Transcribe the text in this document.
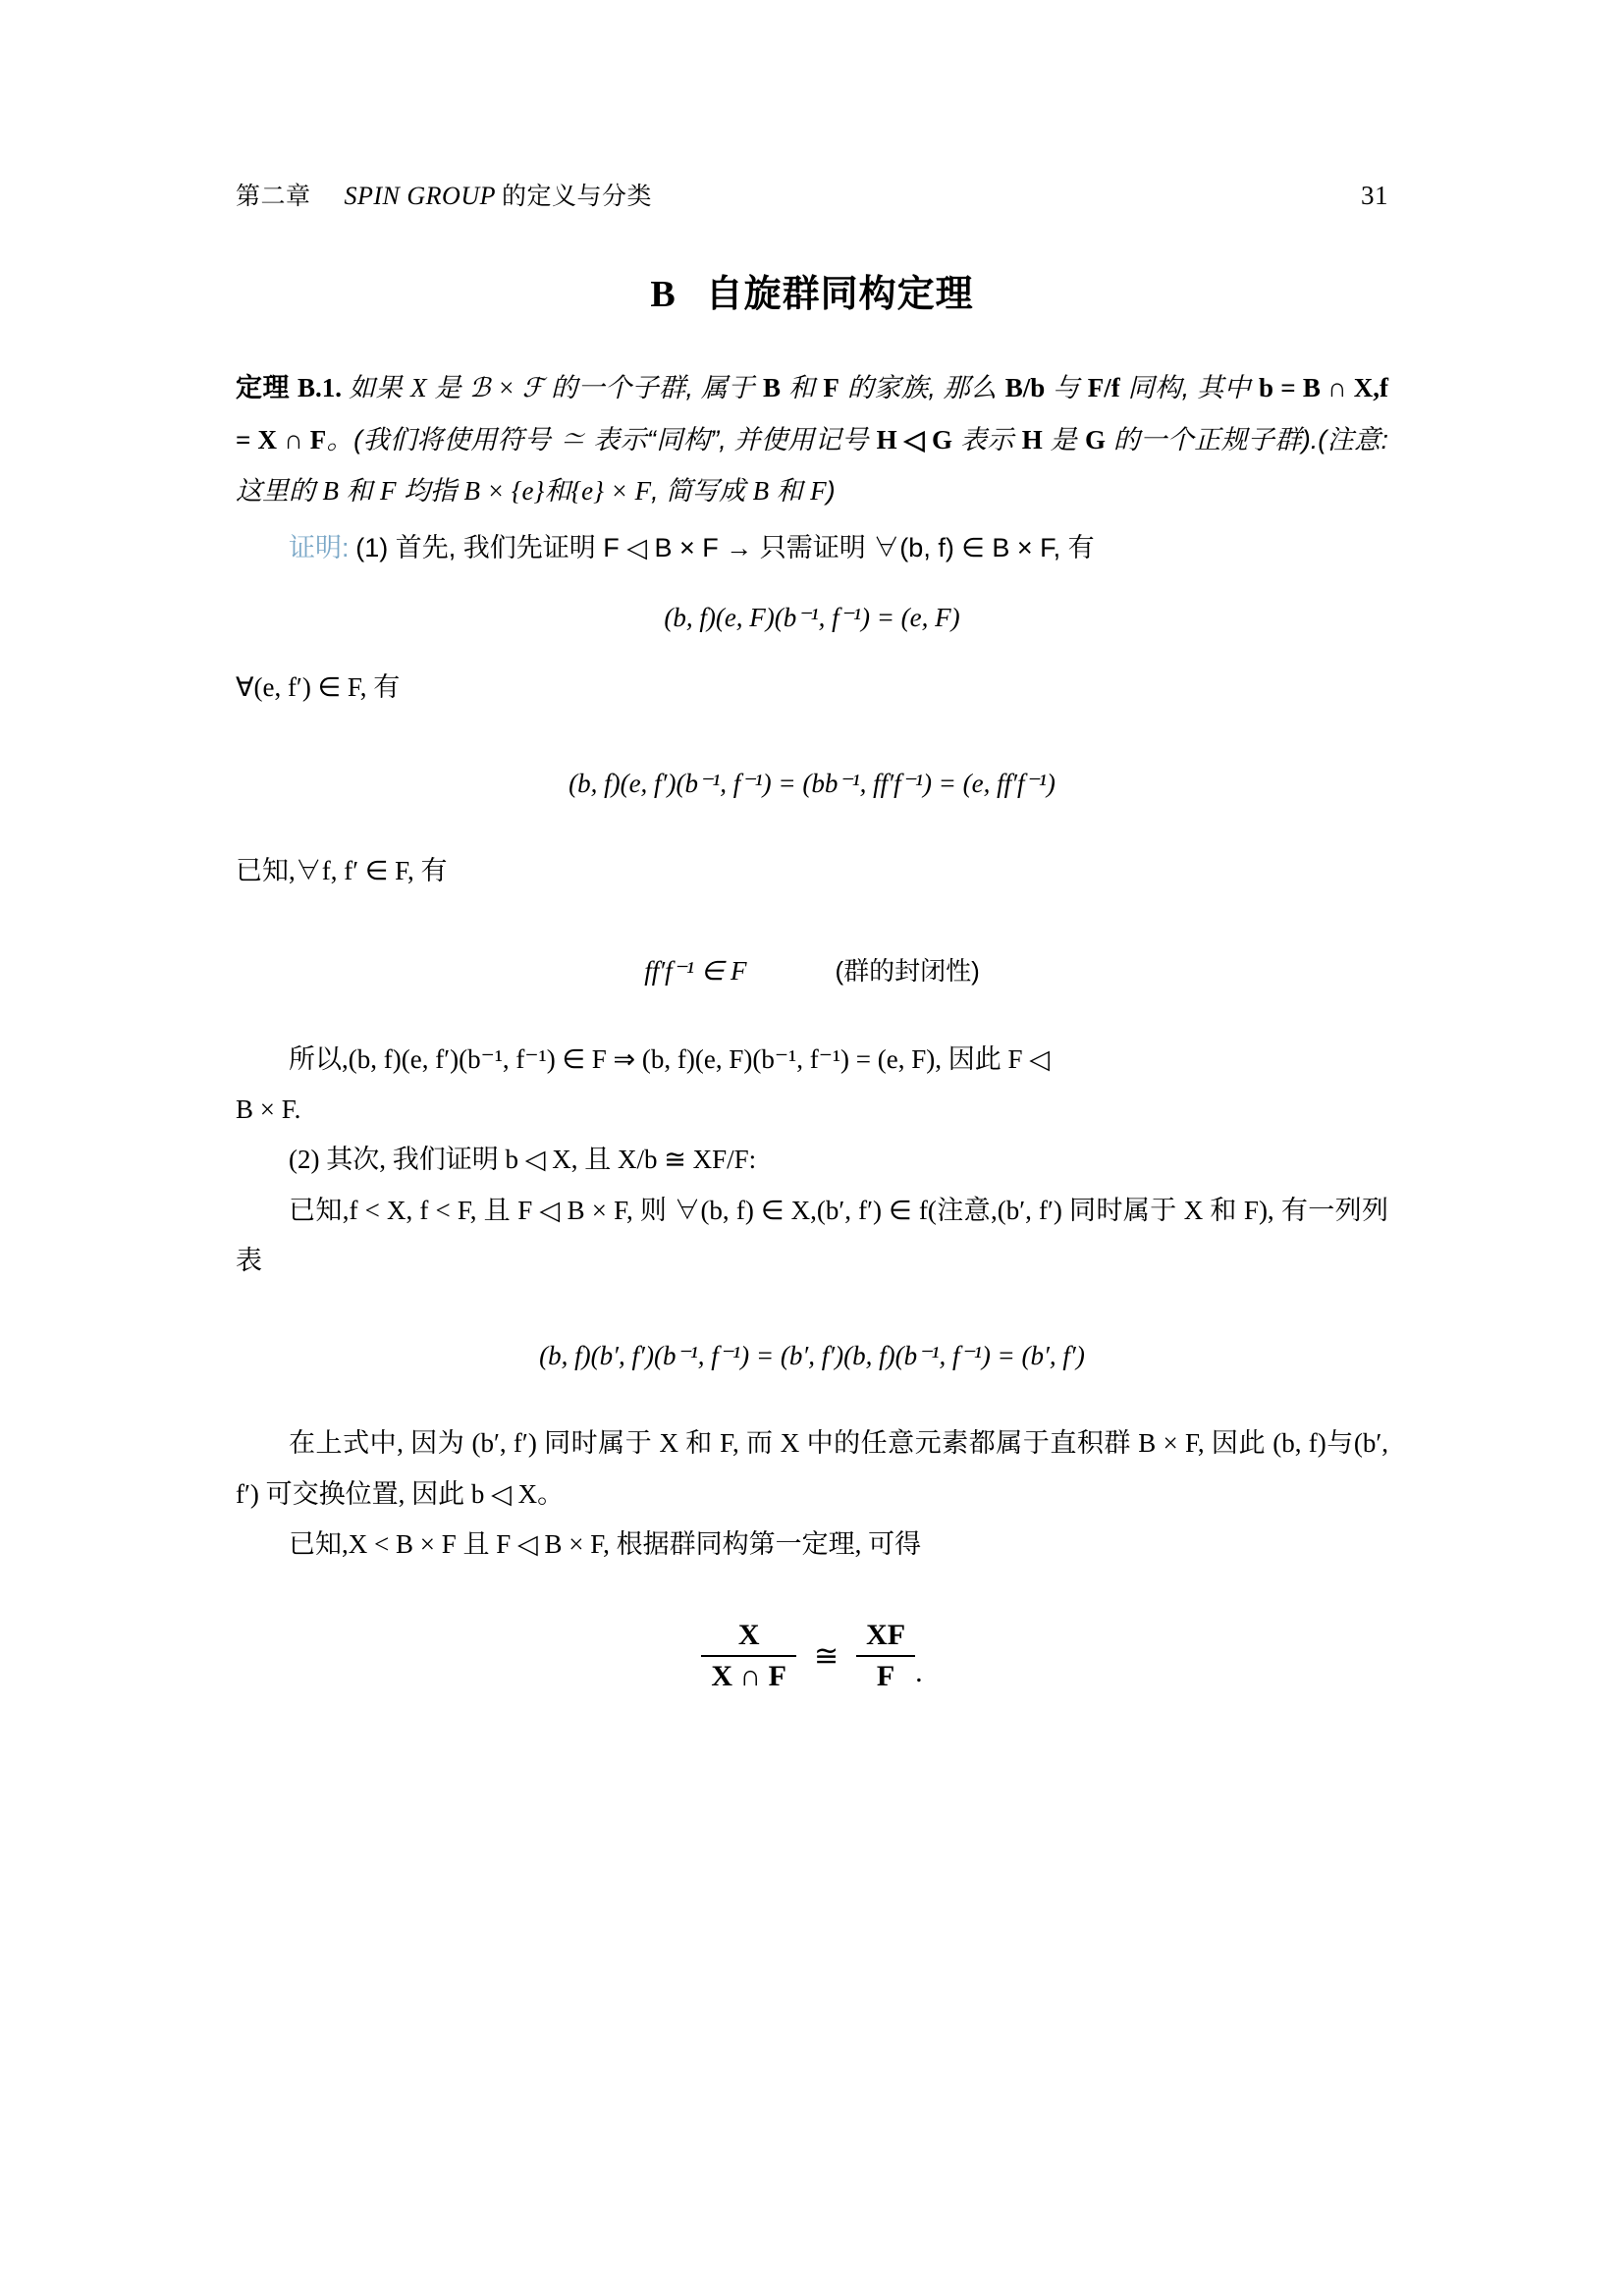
第二章 SPIN GROUP 的定义与分类	31
B 自旋群同构定理
定理 B.1. 如果 X 是 ℬ × ℱ 的一个子群, 属于 B 和 F 的家族, 那么 B/b 与 F/f 同构, 其中 b = B ∩ X,f = X ∩ F。(我们将使用符号 ≃ 表示“同构”, 并使用记号 H ◁ G 表示 H 是 G 的一个正规子群).(注意: 这里的 B 和 F 均指 B × {e}和{e} × F, 简写成 B 和 F)

证明: (1) 首先, 我们先证明 F ◁ B × F → 只需证明 ∀(b, f) ∈ B × F, 有

(b, f)(e, F)(b⁻¹, f⁻¹) = (e, F)

∀(e, f′) ∈ F, 有

(b, f)(e, f′)(b⁻¹, f⁻¹) = (bb⁻¹, ff′f⁻¹) = (e, ff′f⁻¹)

已知,∀f, f′ ∈ F, 有

ff′f⁻¹ ∈ F	(群的封闭性)

所以,(b, f)(e, f′)(b⁻¹, f⁻¹) ∈ F ⇒ (b, f)(e, F)(b⁻¹, f⁻¹) = (e, F), 因此 F ◁

B × F.

(2) 其次, 我们证明 b ◁ X, 且 X/b ≅ XF/F:

已知,f < X, f < F, 且 F ◁ B × F, 则 ∀(b, f) ∈ X,(b′, f′) ∈ f(注意,(b′, f′) 同时属于 X 和 F), 有一列列表

(b, f)(b′, f′)(b⁻¹, f⁻¹) = (b′, f′)(b, f)(b⁻¹, f⁻¹) = (b′, f′)

在上式中, 因为 (b′, f′) 同时属于 X 和 F, 而 X 中的任意元素都属于直积群 B × F, 因此 (b, f)与(b′, f′) 可交换位置, 因此 b ◁ X。

已知,X < B × F 且 F ◁ B × F, 根据群同构第一定理, 可得

$\frac{X}{X \cap F}$ ≅ $\frac{XF}{F}$ .
